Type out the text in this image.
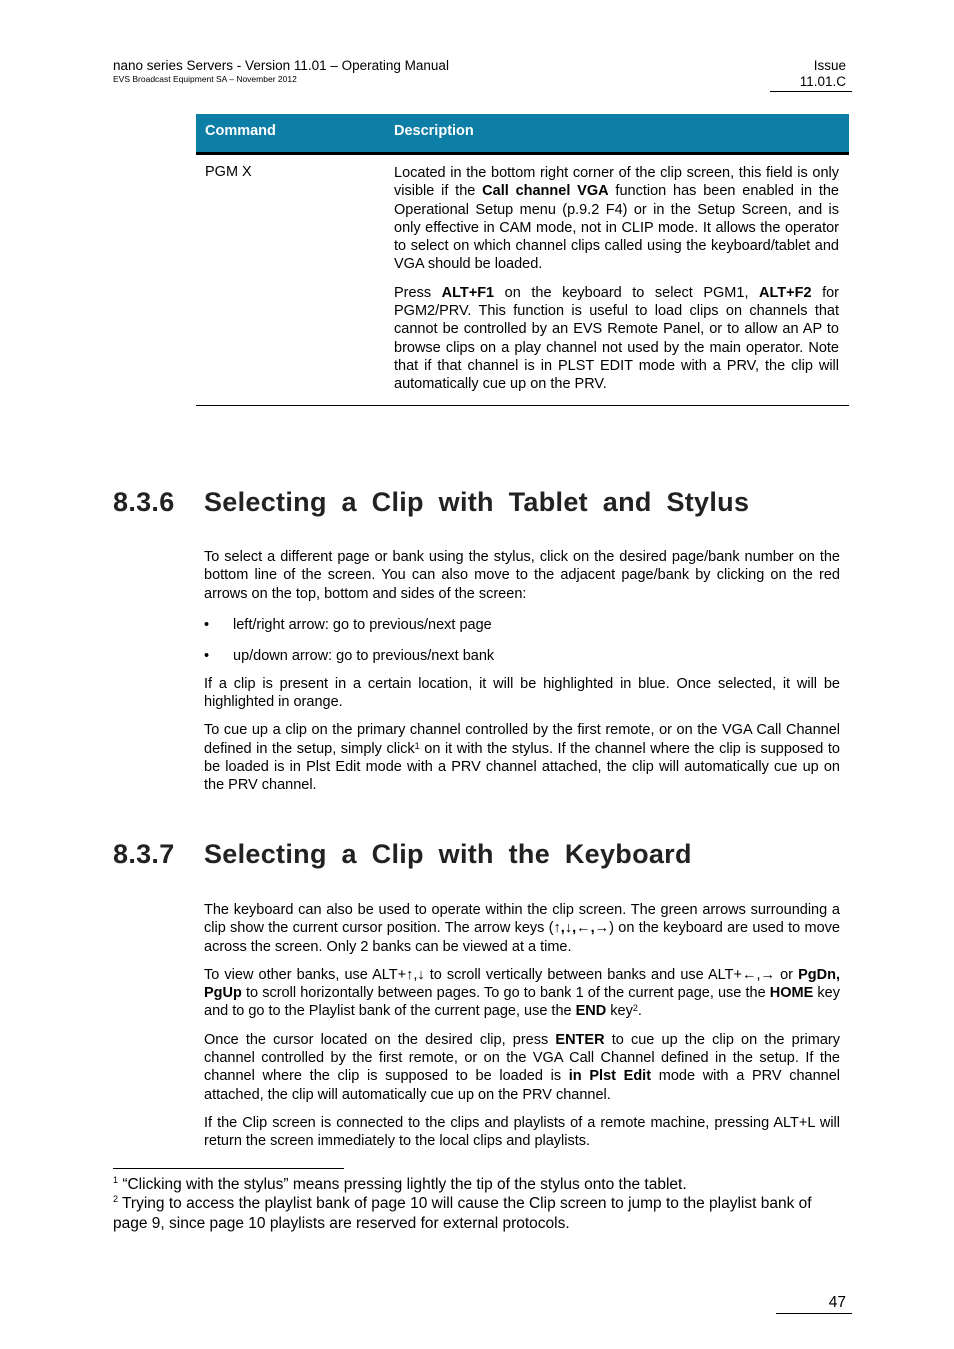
nano series Servers - Version 11.01 – Operating Manual
EVS Broadcast Equipment SA – November 2012
Issue
11.01.C
Command	Description
PGM X	Located in the bottom right corner of the clip screen, this field is only visible if the Call channel VGA function has been enabled in the Operational Setup menu (p.9.2 F4) or in the Setup Screen, and is only effective in CAM mode, not in CLIP mode. It allows the operator to select on which channel clips called using the keyboard/tablet and VGA should be loaded.

Press ALT+F1 on the keyboard to select PGM1, ALT+F2 for PGM2/PRV. This function is useful to load clips on channels that cannot be controlled by an EVS Remote Panel, or to allow an AP to browse clips on a play channel not used by the main operator. Note that if that channel is in PLST EDIT mode with a PRV, the clip will automatically cue up on the PRV.

8.3.6 Selecting a Clip with Tablet and Stylus

To select a different page or bank using the stylus, click on the desired page/bank number on the bottom line of the screen. You can also move to the adjacent page/bank by clicking on the red arrows on the top, bottom and sides of the screen:

• left/right arrow: go to previous/next page
• up/down arrow: go to previous/next bank

If a clip is present in a certain location, it will be highlighted in blue. Once selected, it will be highlighted in orange.

To cue up a clip on the primary channel controlled by the first remote, or on the VGA Call Channel defined in the setup, simply click$^1$ on it with the stylus. If the channel where the clip is supposed to be loaded is in Plst Edit mode with a PRV channel attached, the clip will automatically cue up on the PRV channel.

8.3.7 Selecting a Clip with the Keyboard

The keyboard can also be used to operate within the clip screen. The green arrows surrounding a clip show the current cursor position. The arrow keys (↑,↓,←,→) on the keyboard are used to move across the screen. Only 2 banks can be viewed at a time.

To view other banks, use ALT+↑,↓ to scroll vertically between banks and use ALT+←,→ or PgDn, PgUp to scroll horizontally between pages. To go to bank 1 of the current page, use the HOME key and to go to the Playlist bank of the current page, use the END key$^2$.

Once the cursor located on the desired clip, press ENTER to cue up the clip on the primary channel controlled by the first remote, or on the VGA Call Channel defined in the setup. If the channel where the clip is supposed to be loaded is in Plst Edit mode with a PRV channel attached, the clip will automatically cue up on the PRV channel.

If the Clip screen is connected to the clips and playlists of a remote machine, pressing ALT+L will return the screen immediately to the local clips and playlists.

$^1$ “Clicking with the stylus” means pressing lightly the tip of the stylus onto the tablet.
$^2$ Trying to access the playlist bank of page 10 will cause the Clip screen to jump to the playlist bank of page 9, since page 10 playlists are reserved for external protocols.
47
